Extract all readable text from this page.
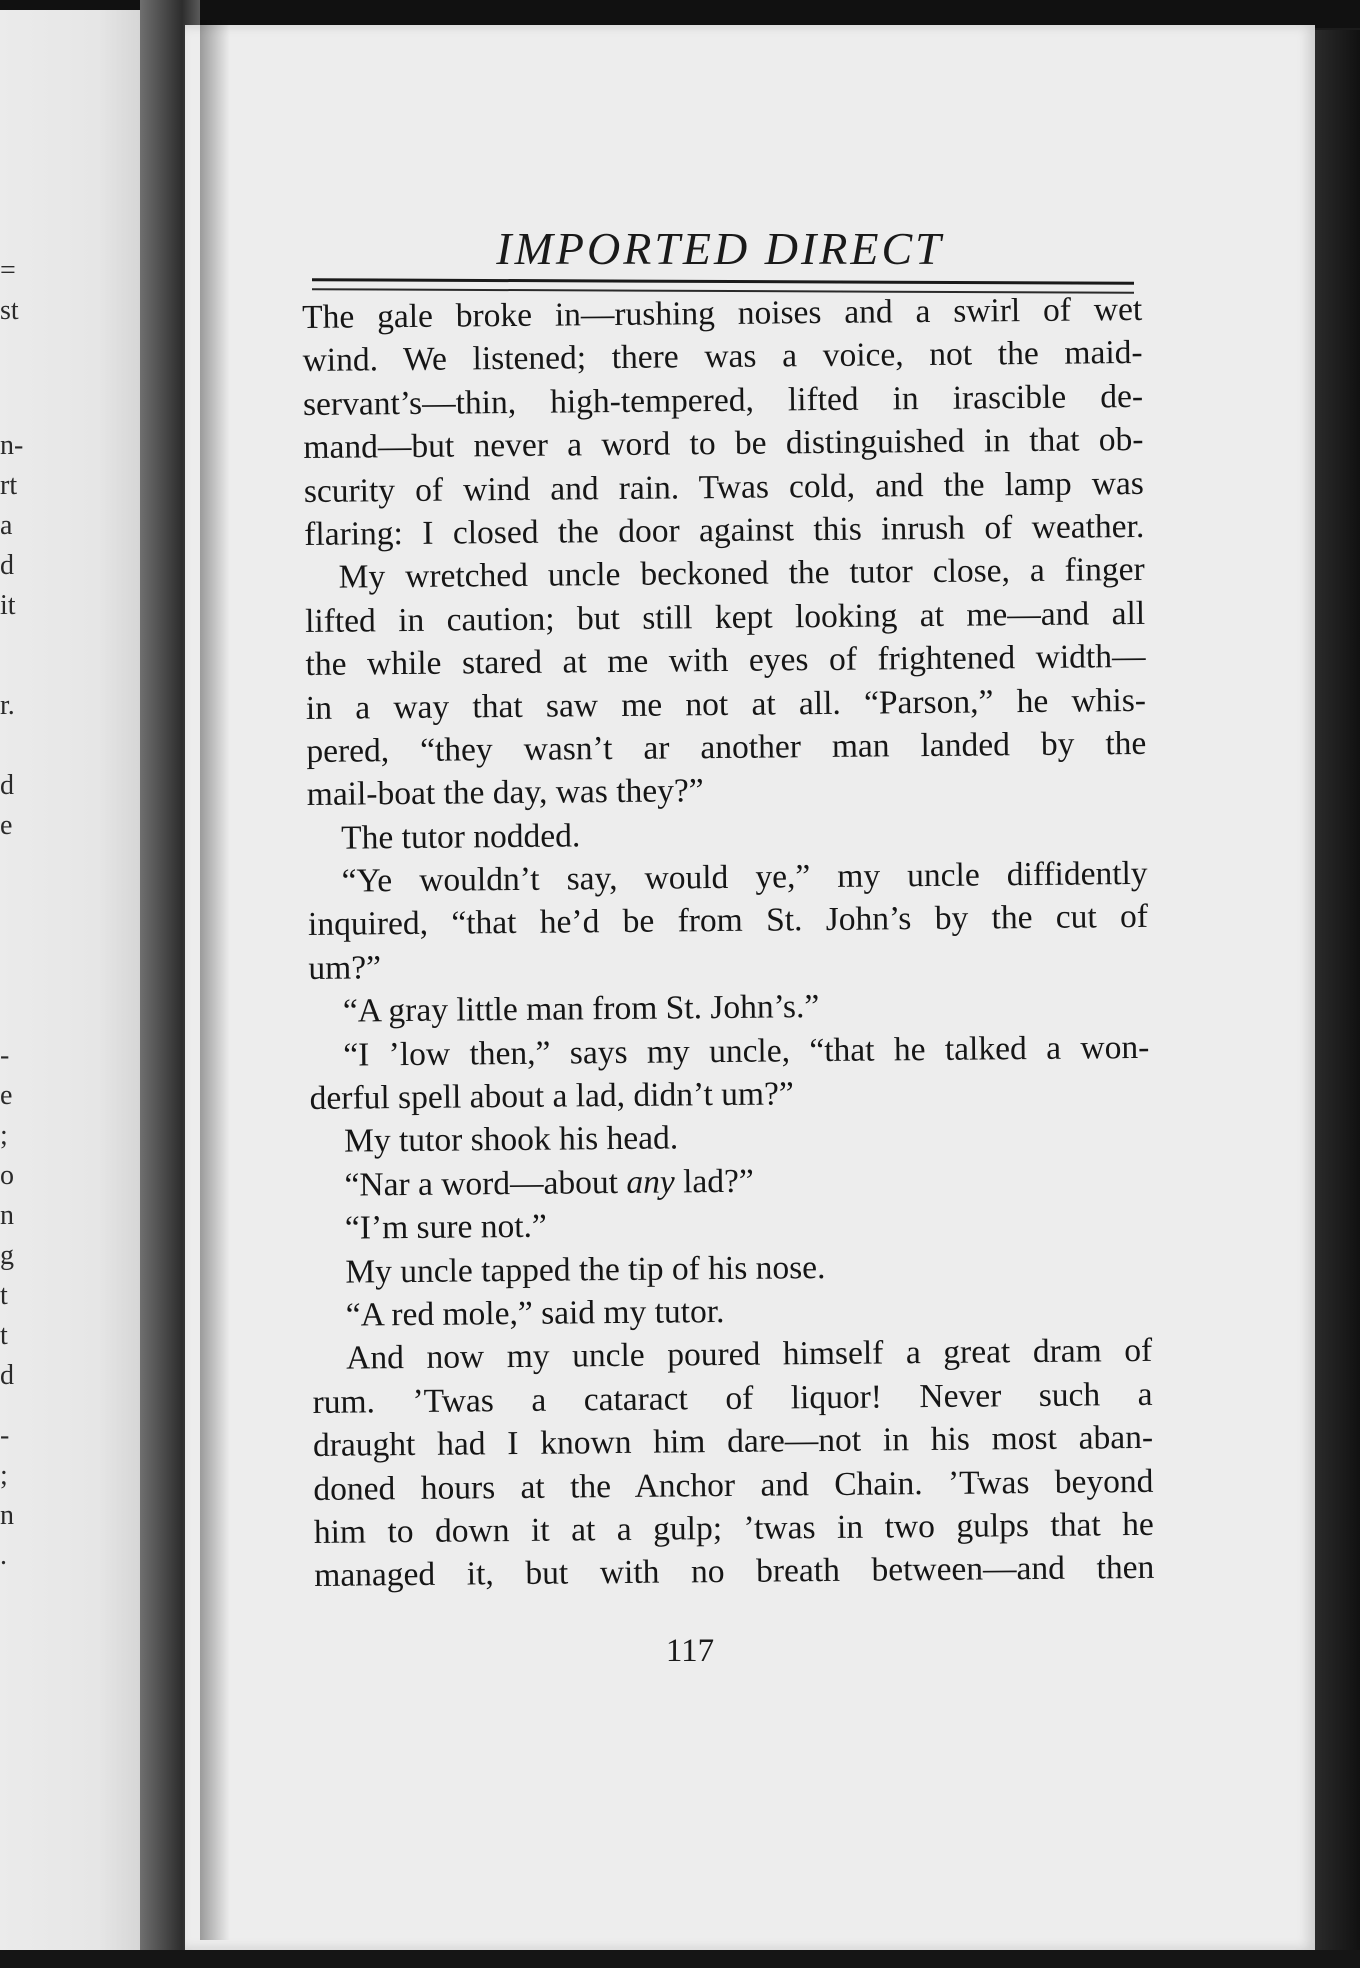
=
st
n-
rt
a
d
it
r.
d
e
-
e
;
o
n
g
t
t
d
-
;
n
.
IMPORTED DIRECT
The gale broke in—rushing noises and a swirl of wet
wind. We listened; there was a voice, not the maid-
servant’s—thin, high-tempered, lifted in irascible de-
mand—but never a word to be distinguished in that ob-
scurity of wind and rain. Twas cold, and the lamp was
flaring: I closed the door against this inrush of weather.
My wretched uncle beckoned the tutor close, a finger
lifted in caution; but still kept looking at me—and all
the while stared at me with eyes of frightened width—
in a way that saw me not at all. “Parson,” he whis-
pered, “they wasn’t ar another man landed by the
mail-boat the day, was they?”
The tutor nodded.
“Ye wouldn’t say, would ye,” my uncle diffidently
inquired, “that he’d be from St. John’s by the cut of
um?”
“A gray little man from St. John’s.”
“I ’low then,” says my uncle, “that he talked a won-
derful spell about a lad, didn’t um?”
My tutor shook his head.
“Nar a word—about any lad?”
“I’m sure not.”
My uncle tapped the tip of his nose.
“A red mole,” said my tutor.
And now my uncle poured himself a great dram of
rum. ’Twas a cataract of liquor! Never such a
draught had I known him dare—not in his most aban-
doned hours at the Anchor and Chain. ’Twas beyond
him to down it at a gulp; ’twas in two gulps that he
managed it, but with no breath between—and then
117
